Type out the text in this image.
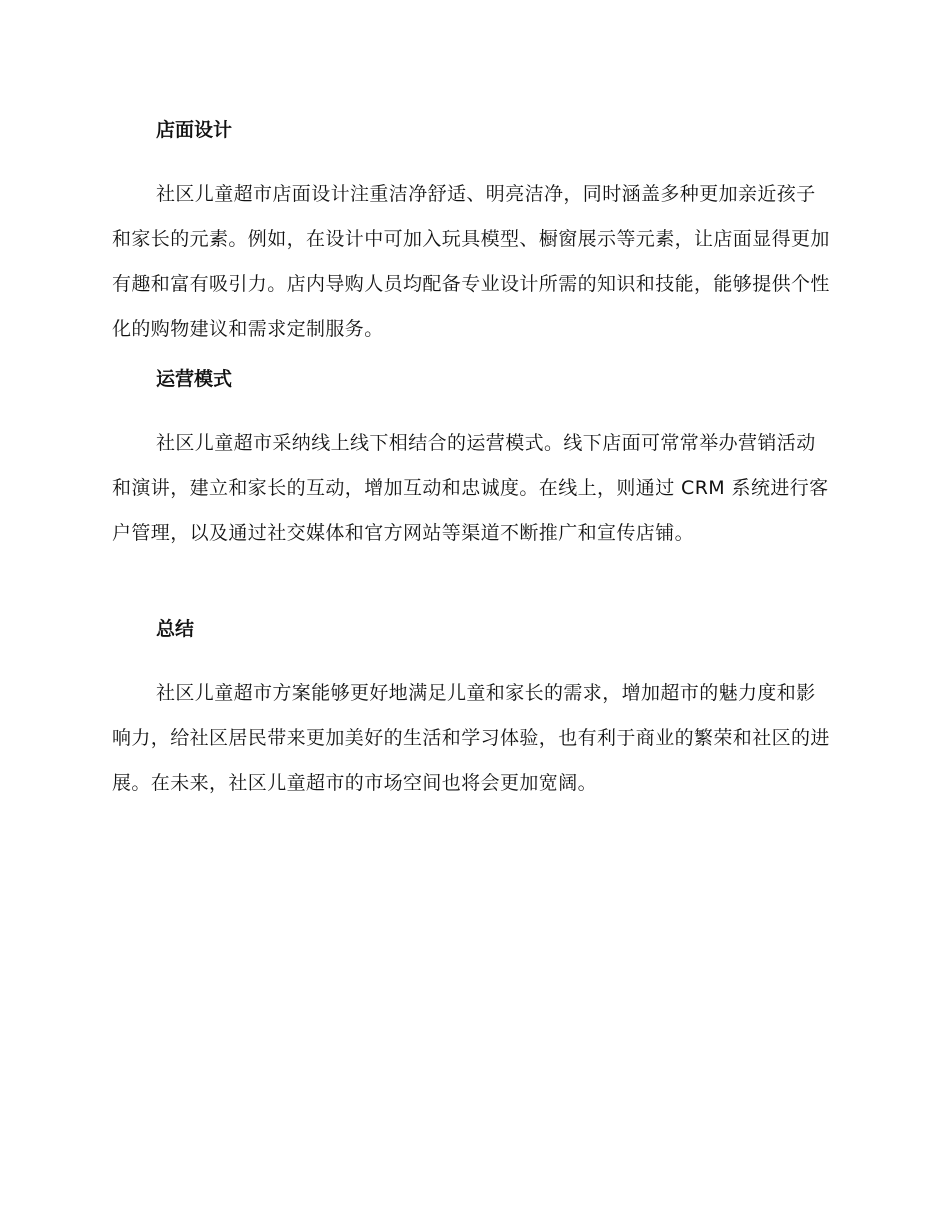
店面设计

社区儿童超市店面设计注重洁净舒适、明亮洁净，同时涵盖多种更加亲近孩子和家长的元素。例如，在设计中可加入玩具模型、橱窗展示等元素，让店面显得更加有趣和富有吸引力。店内导购人员均配备专业设计所需的知识和技能，能够提供个性化的购物建议和需求定制服务。

运营模式

社区儿童超市采纳线上线下相结合的运营模式。线下店面可常常举办营销活动和演讲，建立和家长的互动，增加互动和忠诚度。在线上，则通过 CRM 系统进行客户管理，以及通过社交媒体和官方网站等渠道不断推广和宣传店铺。

总结

社区儿童超市方案能够更好地满足儿童和家长的需求，增加超市的魅力度和影响力，给社区居民带来更加美好的生活和学习体验，也有利于商业的繁荣和社区的进展。在未来，社区儿童超市的市场空间也将会更加宽阔。
